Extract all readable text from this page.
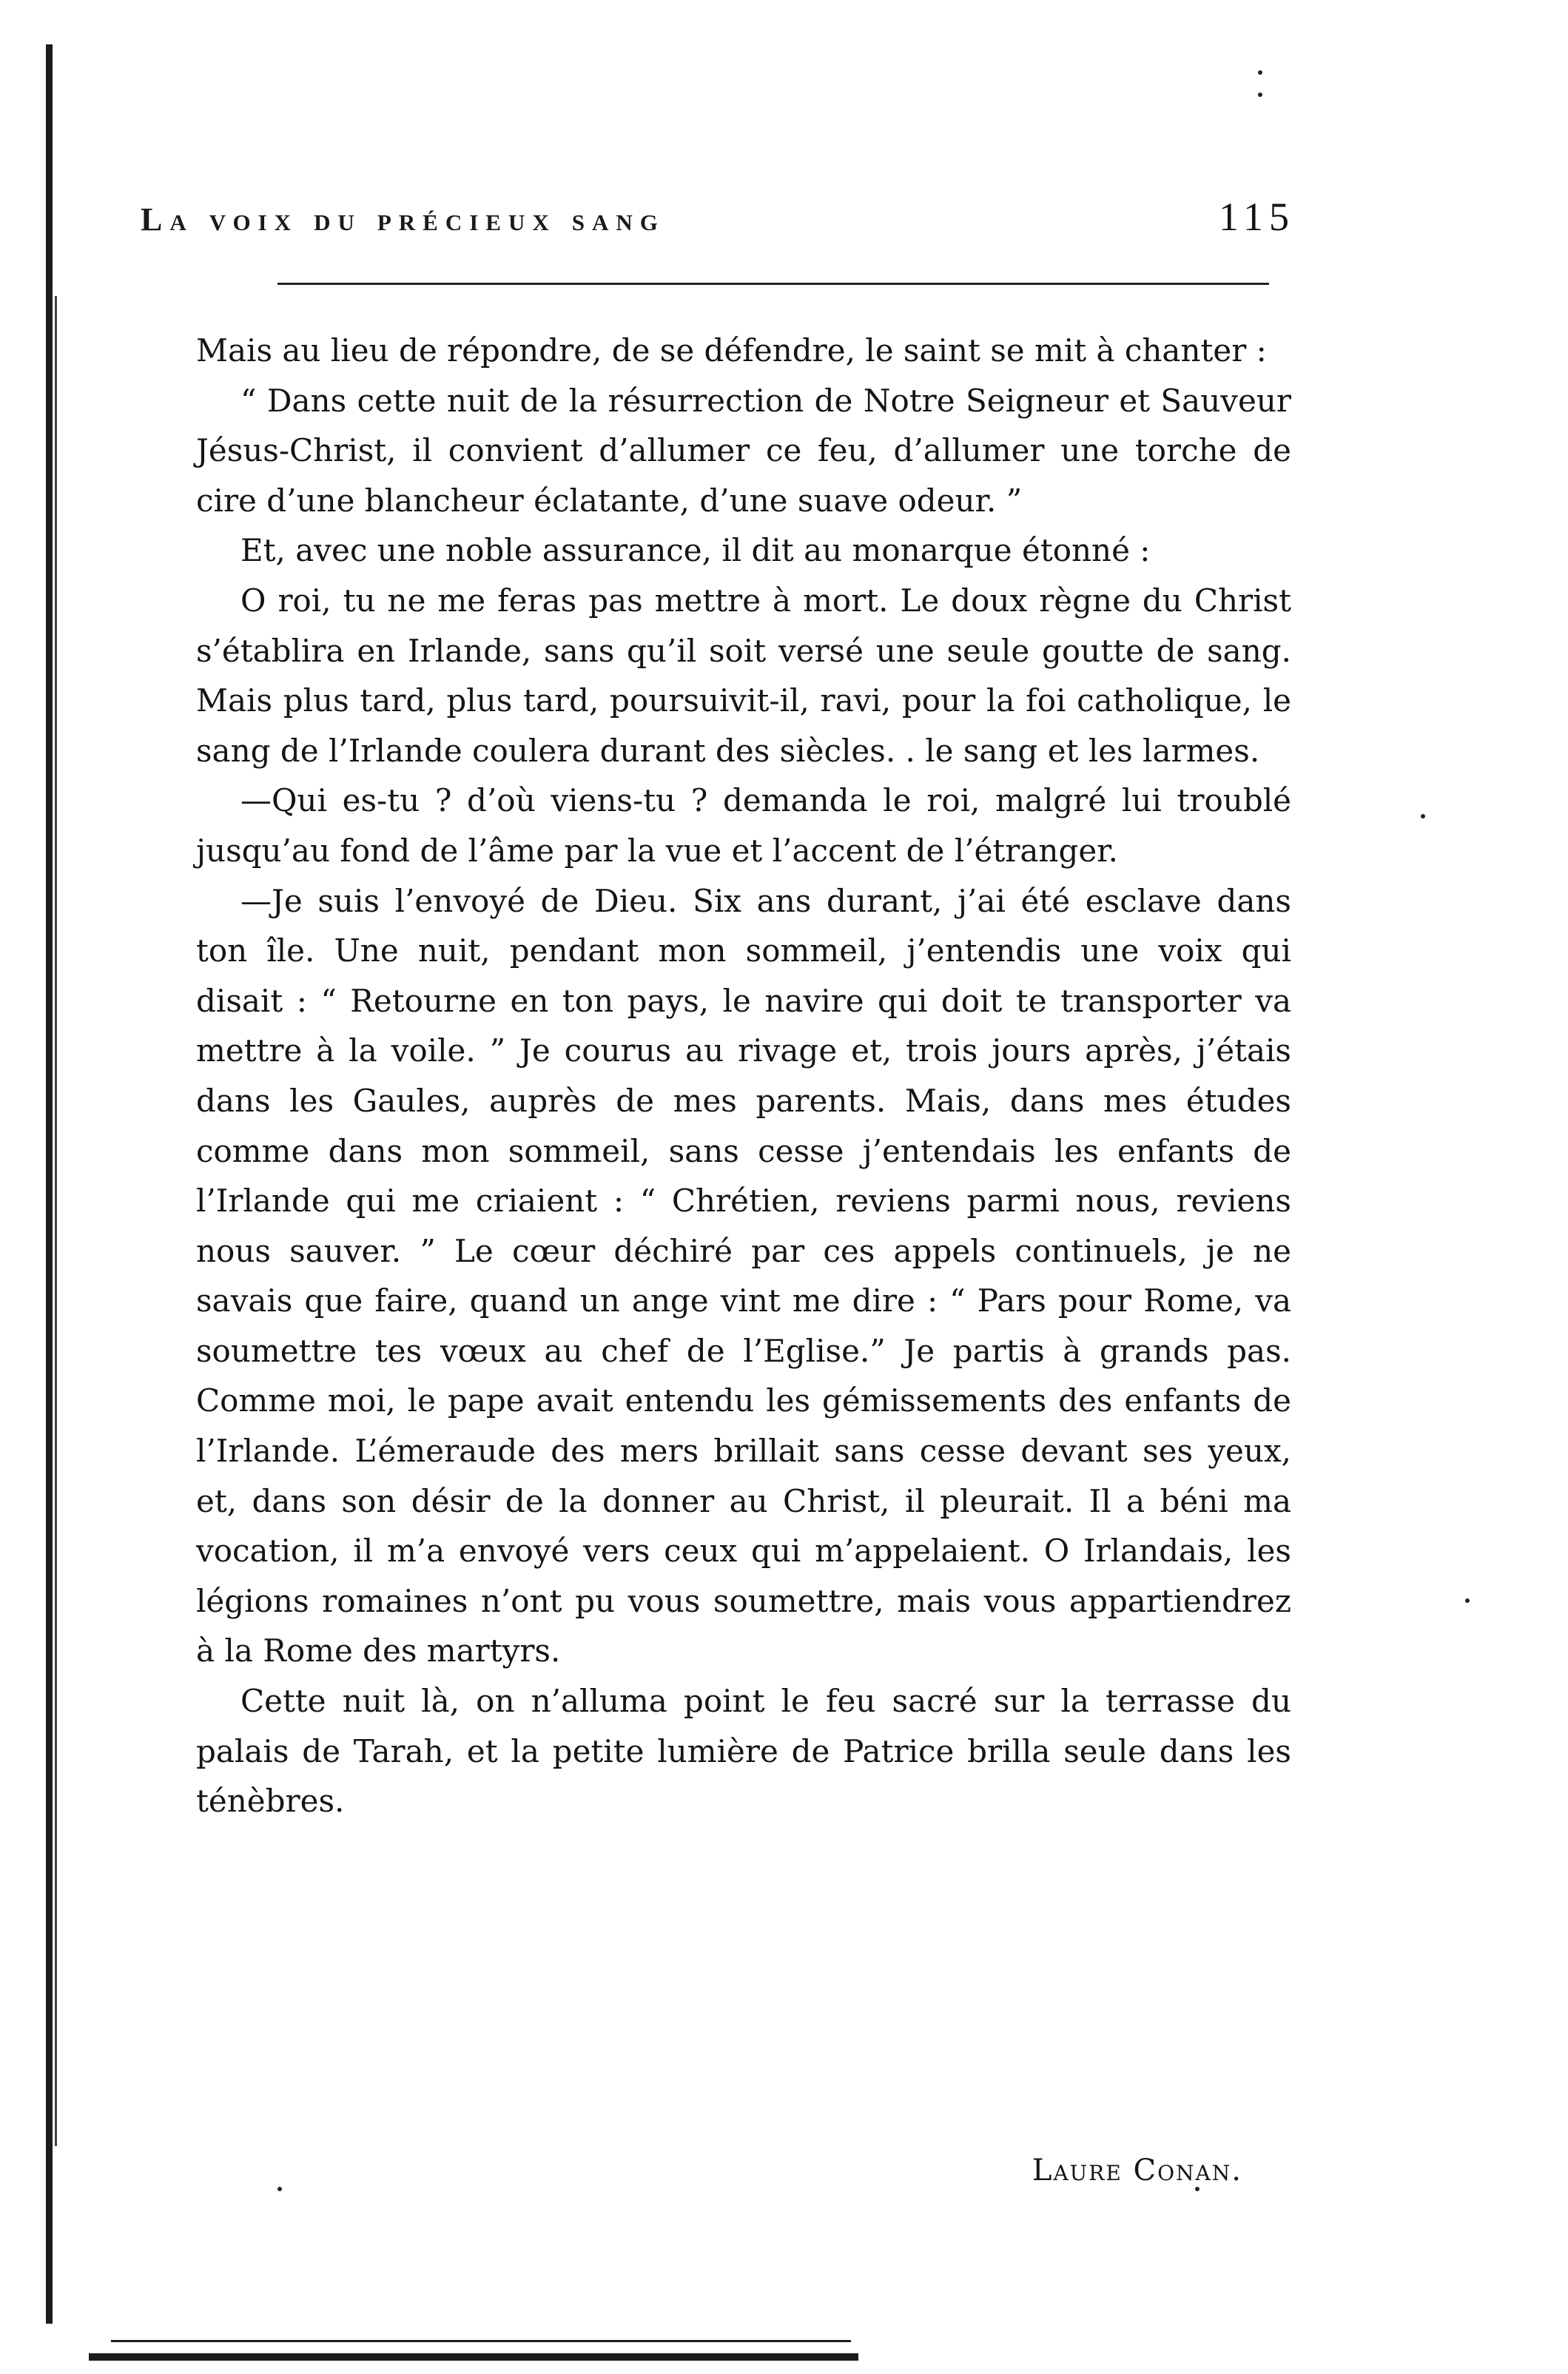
La voix du précieux sang	115

Mais au lieu de répondre, de se défendre, le saint se mit à chanter :

“ Dans cette nuit de la résurrection de Notre Seigneur et Sauveur Jésus-Christ, il convient d’allumer ce feu, d’allumer une torche de cire d’une blancheur éclatante, d’une suave odeur. ”

Et, avec une noble assurance, il dit au monarque étonné :

O roi, tu ne me feras pas mettre à mort. Le doux règne du Christ s’établira en Irlande, sans qu’il soit versé une seule goutte de sang. Mais plus tard, plus tard, poursuivit-il, ravi, pour la foi catholique, le sang de l’Irlande coulera durant des siècles. . le sang et les larmes.

—Qui es-tu ? d’où viens-tu ? demanda le roi, malgré lui troublé jusqu’au fond de l’âme par la vue et l’accent de l’étranger.

—Je suis l’envoyé de Dieu. Six ans durant, j’ai été esclave dans ton île. Une nuit, pendant mon sommeil, j’entendis une voix qui disait : “ Retourne en ton pays, le navire qui doit te transporter va mettre à la voile. ” Je courus au rivage et, trois jours après, j’étais dans les Gaules, auprès de mes parents. Mais, dans mes études comme dans mon sommeil, sans cesse j’entendais les enfants de l’Irlande qui me criaient : “ Chrétien, reviens parmi nous, reviens nous sauver. ” Le cœur déchiré par ces appels continuels, je ne savais que faire, quand un ange vint me dire : “ Pars pour Rome, va soumettre tes vœux au chef de l’Eglise.” Je partis à grands pas. Comme moi, le pape avait entendu les gémissements des enfants de l’Irlande. L’émeraude des mers brillait sans cesse devant ses yeux, et, dans son désir de la donner au Christ, il pleurait. Il a béni ma vocation, il m’a envoyé vers ceux qui m’appelaient. O Irlandais, les légions romaines n’ont pu vous soumettre, mais vous appartiendrez à la Rome des martyrs.

Cette nuit là, on n’alluma point le feu sacré sur la terrasse du palais de Tarah, et la petite lumière de Patrice brilla seule dans les ténèbres.

Laure Conan.
